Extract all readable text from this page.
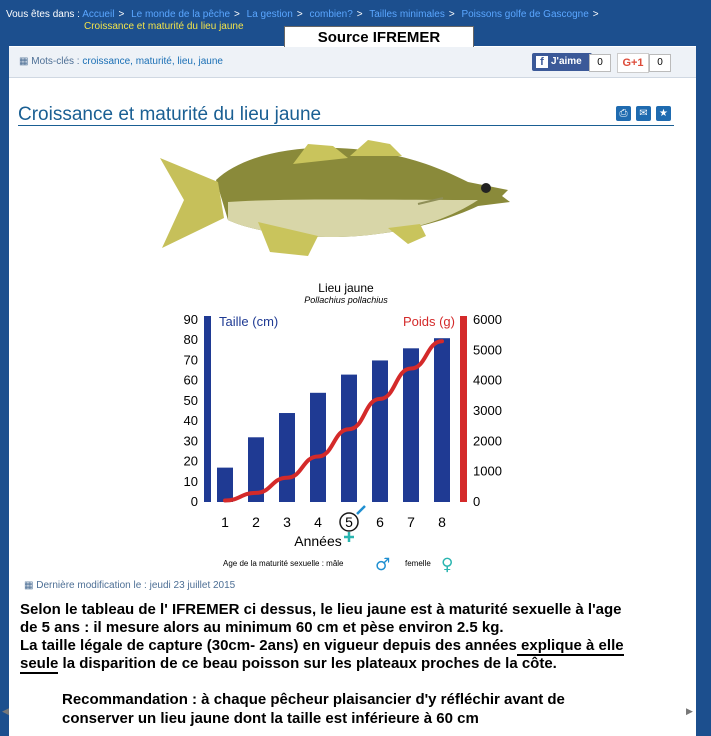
Vous êtes dans : Accueil > Le monde de la pêche > La gestion > combien? > Tailles minimales > Poissons golfe de Gascogne >
Croissance et maturité du lieu jaune
Source IFREMER
▦ Mots-clés : croissance, maturité, lieu, jaune	f J'aime	0	G+1	0
Croissance et maturité du lieu jaune	⎙	✉	★
Lieu jaune
Pollachius pollachius
0
10
20
30
40
50
60
70
80
90
0
1000
2000
3000
4000
5000
6000
Taille (cm)	Poids (g)
1 2 3 4 5 6 7 8
Années
Age de la maturité sexuelle : mâle ♂ femelle ♀
▦ Dernière modification le : jeudi 23 juillet 2015
Selon le tableau de l' IFREMER ci dessus, le lieu jaune est à maturité sexuelle à l'age
de 5 ans : il mesure alors au minimum 60 cm et pèse environ 2.5 kg.
La taille légale de capture (30cm- 2ans) en vigueur depuis des années explique à elle
seule la disparition de ce beau poisson sur les plateaux proches de la côte.
Recommandation : à chaque pêcheur plaisancier d'y réfléchir avant de
conserver un lieu jaune dont la taille est inférieure à 60 cm
◀	▶
